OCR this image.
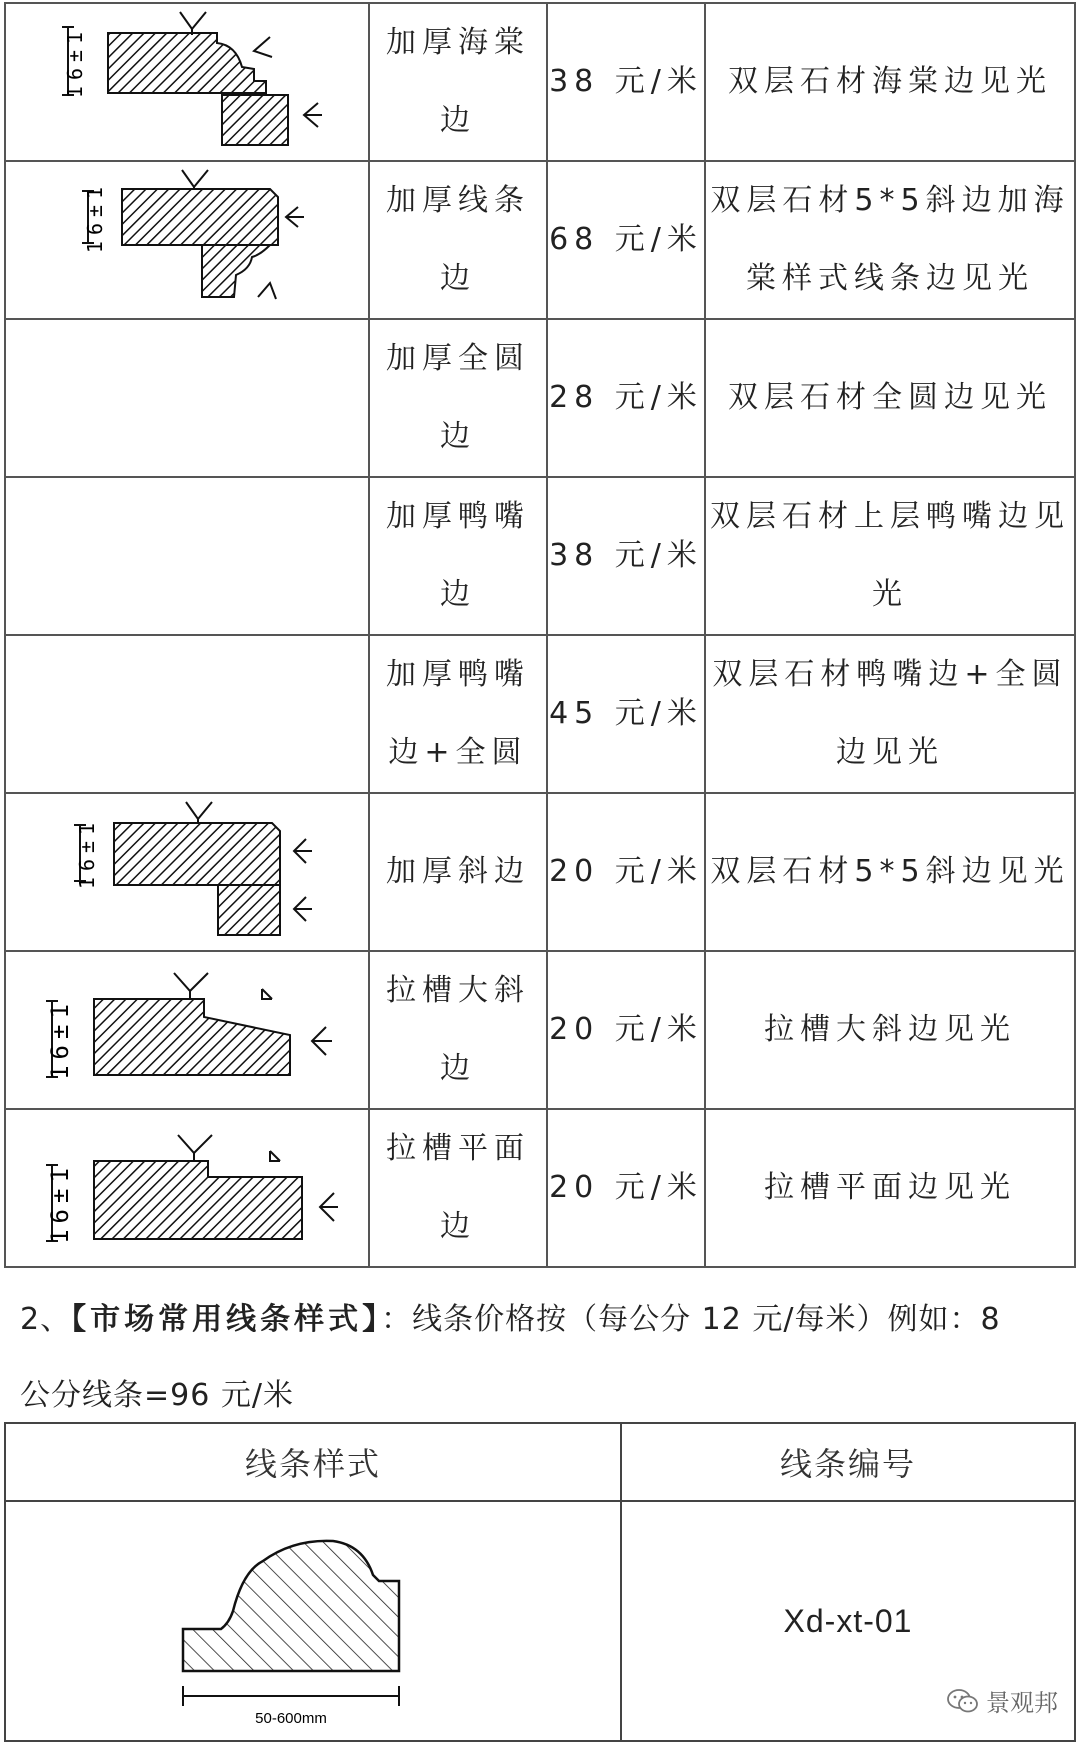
16±1	加厚海棠边	38 元/米	双层石材海棠边见光

16±1	加厚线条边	68 元/米	双层石材5*5斜边加海棠样式线条边见光
	加厚全圆边	28 元/米	双层石材全圆边见光
	加厚鸭嘴边	38 元/米	双层石材上层鸭嘴边见光
	加厚鸭嘴边+全圆	45 元/米	双层石材鸭嘴边+全圆边见光

16±1	加厚斜边	20 元/米	双层石材5*5斜边见光

16±1	拉槽大斜边	20 元/米	拉槽大斜边见光

16±1	拉槽平面边	20 元/米	拉槽平面边见光
2、【市场常用线条样式】：线条价格按（每公分 12 元/每米）例如：8
公分线条=96 元/米
线条样式	线条编号

50-600mm	Xd-xt-01
景观邦
